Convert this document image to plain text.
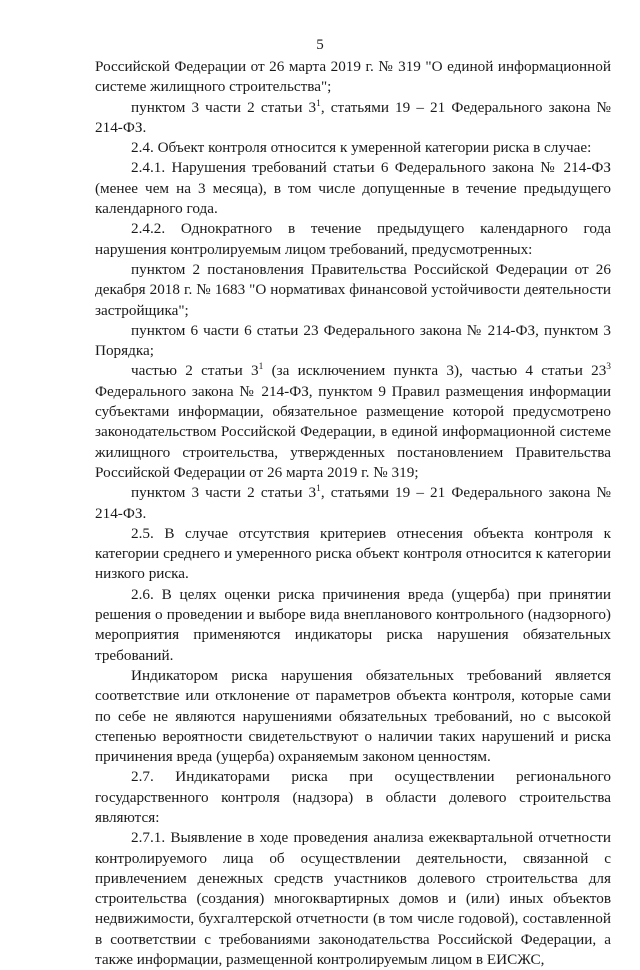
5

Российской Федерации от 26 марта 2019 г. № 319 "О единой информационной системе жилищного строительства";

пунктом 3 части 2 статьи $3^1$, статьями 19 – 21 Федерального закона № 214-ФЗ.

2.4. Объект контроля относится к умеренной категории риска в случае:

2.4.1. Нарушения требований статьи 6 Федерального закона № 214-ФЗ (менее чем на 3 месяца), в том числе допущенные в течение предыдущего календарного года.

2.4.2. Однократного в течение предыдущего календарного года нарушения контролируемым лицом требований, предусмотренных:

пунктом 2 постановления Правительства Российской Федерации от 26 декабря 2018 г. № 1683 "О нормативах финансовой устойчивости деятельности застройщика";

пунктом 6 части 6 статьи 23 Федерального закона № 214-ФЗ, пунктом 3 Порядка;

частью 2 статьи $3^1$ (за исключением пункта 3), частью 4 статьи $23^3$ Федерального закона № 214-ФЗ, пунктом 9 Правил размещения информации субъектами информации, обязательное размещение которой предусмотрено законодательством Российской Федерации, в единой информационной системе жилищного строительства, утвержденных постановлением Правительства Российской Федерации от 26 марта 2019 г. № 319;

пунктом 3 части 2 статьи $3^1$, статьями 19 – 21 Федерального закона № 214-ФЗ.

2.5. В случае отсутствия критериев отнесения объекта контроля к категории среднего и умеренного риска объект контроля относится к категории низкого риска.

2.6. В целях оценки риска причинения вреда (ущерба) при принятии решения о проведении и выборе вида внепланового контрольного (надзорного) мероприятия применяются индикаторы риска нарушения обязательных требований.

Индикатором риска нарушения обязательных требований является соответствие или отклонение от параметров объекта контроля, которые сами по себе не являются нарушениями обязательных требований, но с высокой степенью вероятности свидетельствуют о наличии таких нарушений и риска причинения вреда (ущерба) охраняемым законом ценностям.

2.7. Индикаторами риска при осуществлении регионального государственного контроля (надзора) в области долевого строительства являются:

2.7.1. Выявление в ходе проведения анализа ежеквартальной отчетности контролируемого лица об осуществлении деятельности, связанной с привлечением денежных средств участников долевого строительства для строительства (создания) многоквартирных домов и (или) иных объектов недвижимости, бухгалтерской отчетности (в том числе годовой), составленной в соответствии с требованиями законодательства Российской Федерации, а также информации, размещенной контролируемым лицом в ЕИСЖС,
